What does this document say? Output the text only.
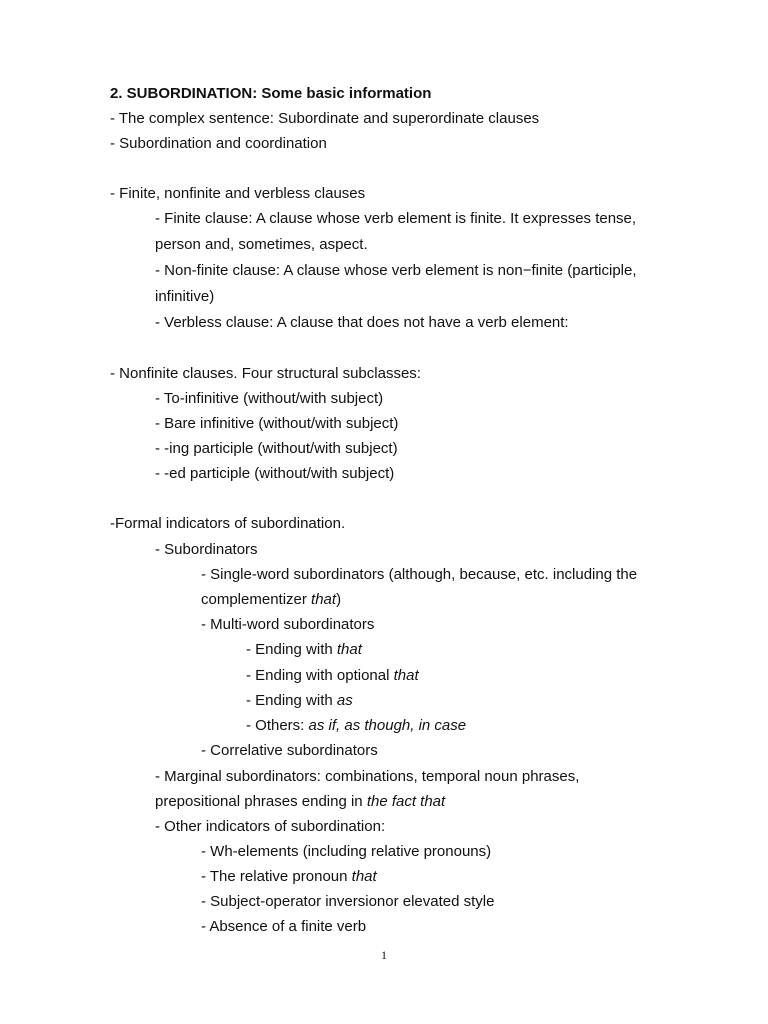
2. SUBORDINATION: Some basic information
- The complex sentence: Subordinate and superordinate clauses
- Subordination and coordination
- Finite, nonfinite and verbless clauses
- Finite clause: A clause whose verb element is finite. It expresses tense,
person and, sometimes, aspect.
- Non-finite clause: A clause whose verb element is non−finite (participle,
infinitive)
- Verbless clause: A clause that does not have a verb element:
- Nonfinite clauses. Four structural subclasses:
- To-infinitive (without/with subject)
- Bare infinitive (without/with subject)
- -ing participle (without/with subject)
- -ed participle (without/with subject)
-Formal indicators of subordination.
- Subordinators
- Single-word subordinators (although, because, etc. including the
complementizer that)
- Multi-word subordinators
- Ending with that
- Ending with optional that
- Ending with as
- Others: as if, as though, in case
- Correlative subordinators
- Marginal subordinators: combinations, temporal noun phrases,
prepositional phrases ending in the fact that
- Other indicators of subordination:
- Wh-elements (including relative pronouns)
- The relative pronoun that
- Subject-operator inversionor elevated style
- Absence of a finite verb
1
